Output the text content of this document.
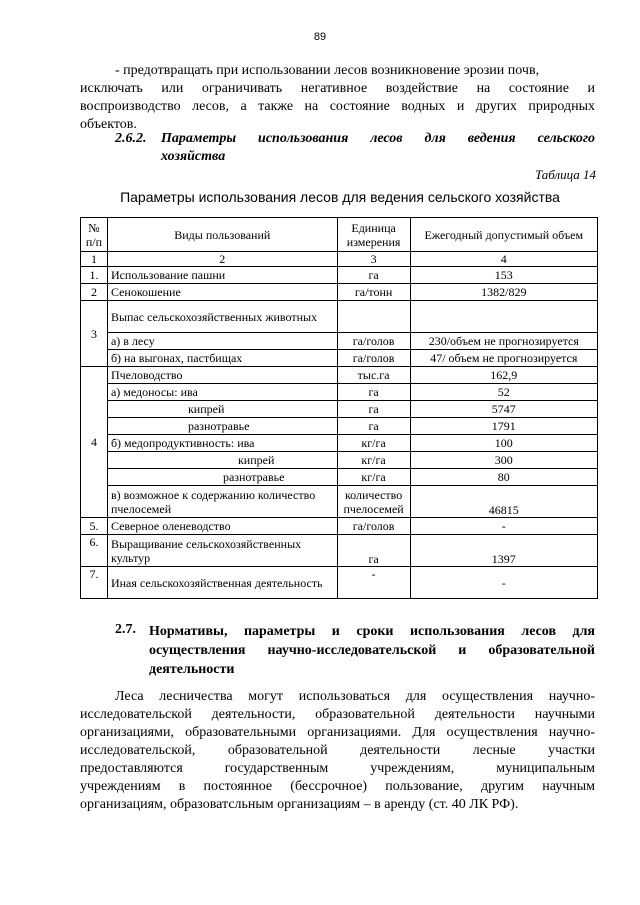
89
- предотвращать при использовании лесов возникновение эрозии почв,
исключать или ограничивать негативное воздействие на состояние и
воспроизводство лесов, а также на состояние водных и других природных
объектов.
2.6.2. Параметры использования лесов для ведения сельского
хозяйства
Таблица 14
Параметры использования лесов для ведения сельского хозяйства
№ п/п	Виды пользований	Единица измерения	Ежегодный допустимый объем
1	2	3	4
1.	Использование пашни	га	153
2	Сенокошение	га/тонн	1382/829
3	Выпас сельскохозяйственных животных		
	а) в лесу	га/голов	230/объем не прогнозируется
	б) на выгонах, пастбищах	га/голов	47/ объем не прогнозируется
4	Пчеловодство	тыс.га	162,9
	а) медоносы: ива	га	52
	кипрей	га	5747
	разнотравье	га	1791
	б) медопродуктивность: ива	кг/га	100
	кипрей	кг/га	300
	разнотравье	кг/га	80
	в) возможное к содержанию количество пчелосемей	количество пчелосемей	46815
5.	Северное оленеводство	га/голов	-
6.	Выращивание сельскохозяйственных культур	га	1397
7.	Иная сельскохозяйственная деятельность	-	-
2.7. Нормативы, параметры и сроки использования лесов для
осуществления научно-исследовательской и образовательной
деятельности
Леса лесничества могут использоваться для осуществления научно-
исследовательской деятельности, образовательной деятельности научными
организациями, образовательными организациями. Для осуществления научно-
исследовательской, образовательной деятельности лесные участки
предоставляются государственным учреждениям, муниципальным
учреждениям в постоянное (бессрочное) пользование, другим научным
организациям, образоватсльным организациям – в аренду (ст. 40 ЛК РФ).
